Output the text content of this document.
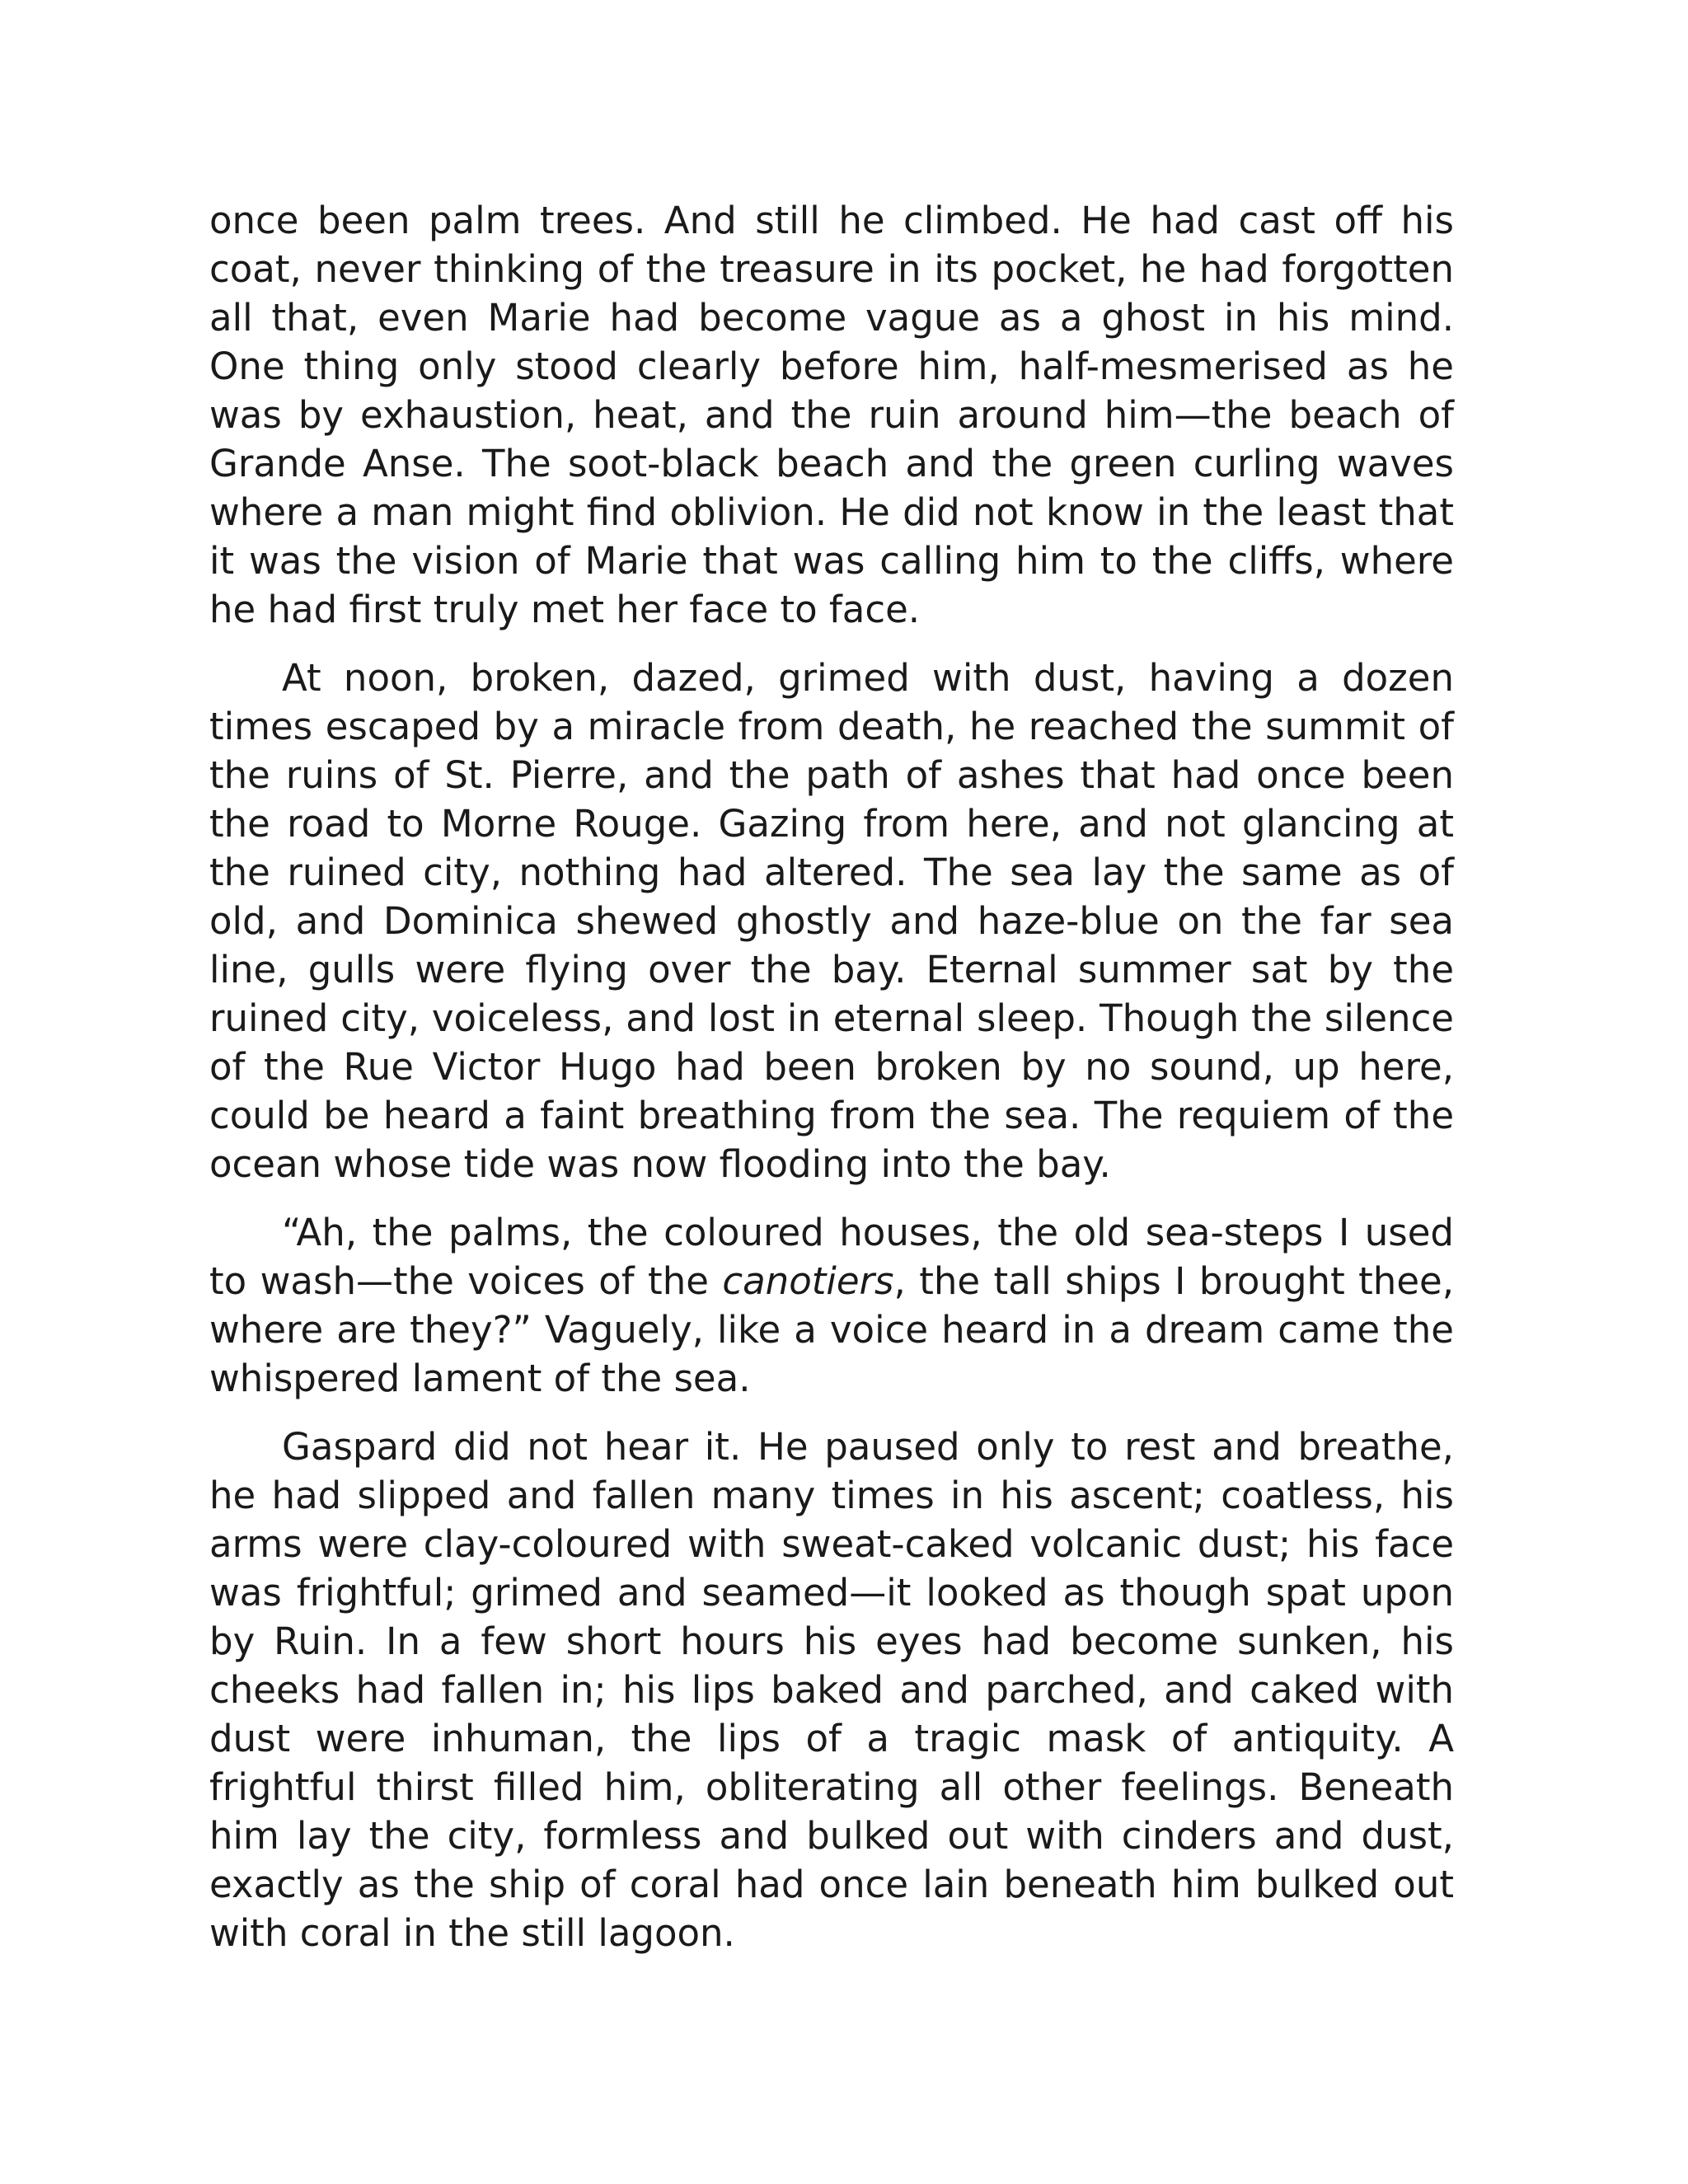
once been palm trees. And still he climbed. He had cast off his coat, never thinking of the treasure in its pocket, he had forgotten all that, even Marie had become vague as a ghost in his mind. One thing only stood clearly before him, half-mesmerised as he was by exhaustion, heat, and the ruin around him—the beach of Grande Anse. The soot-black beach and the green curling waves where a man might find oblivion. He did not know in the least that it was the vision of Marie that was calling him to the cliffs, where he had first truly met her face to face.

At noon, broken, dazed, grimed with dust, having a dozen times escaped by a miracle from death, he reached the summit of the ruins of St. Pierre, and the path of ashes that had once been the road to Morne Rouge. Gazing from here, and not glancing at the ruined city, nothing had altered. The sea lay the same as of old, and Dominica shewed ghostly and haze-blue on the far sea line, gulls were flying over the bay. Eternal summer sat by the ruined city, voiceless, and lost in eternal sleep. Though the silence of the Rue Victor Hugo had been broken by no sound, up here, could be heard a faint breathing from the sea. The requiem of the ocean whose tide was now flooding into the bay.

“Ah, the palms, the coloured houses, the old sea-steps I used to wash—the voices of the canotiers, the tall ships I brought thee, where are they?” Vaguely, like a voice heard in a dream came the whispered lament of the sea.

Gaspard did not hear it. He paused only to rest and breathe, he had slipped and fallen many times in his ascent; coatless, his arms were clay-coloured with sweat-caked volcanic dust; his face was frightful; grimed and seamed—it looked as though spat upon by Ruin. In a few short hours his eyes had become sunken, his cheeks had fallen in; his lips baked and parched, and caked with dust were inhuman, the lips of a tragic mask of antiquity. A frightful thirst filled him, obliterating all other feelings. Beneath him lay the city, formless and bulked out with cinders and dust, exactly as the ship of coral had once lain beneath him bulked out with coral in the still lagoon.
